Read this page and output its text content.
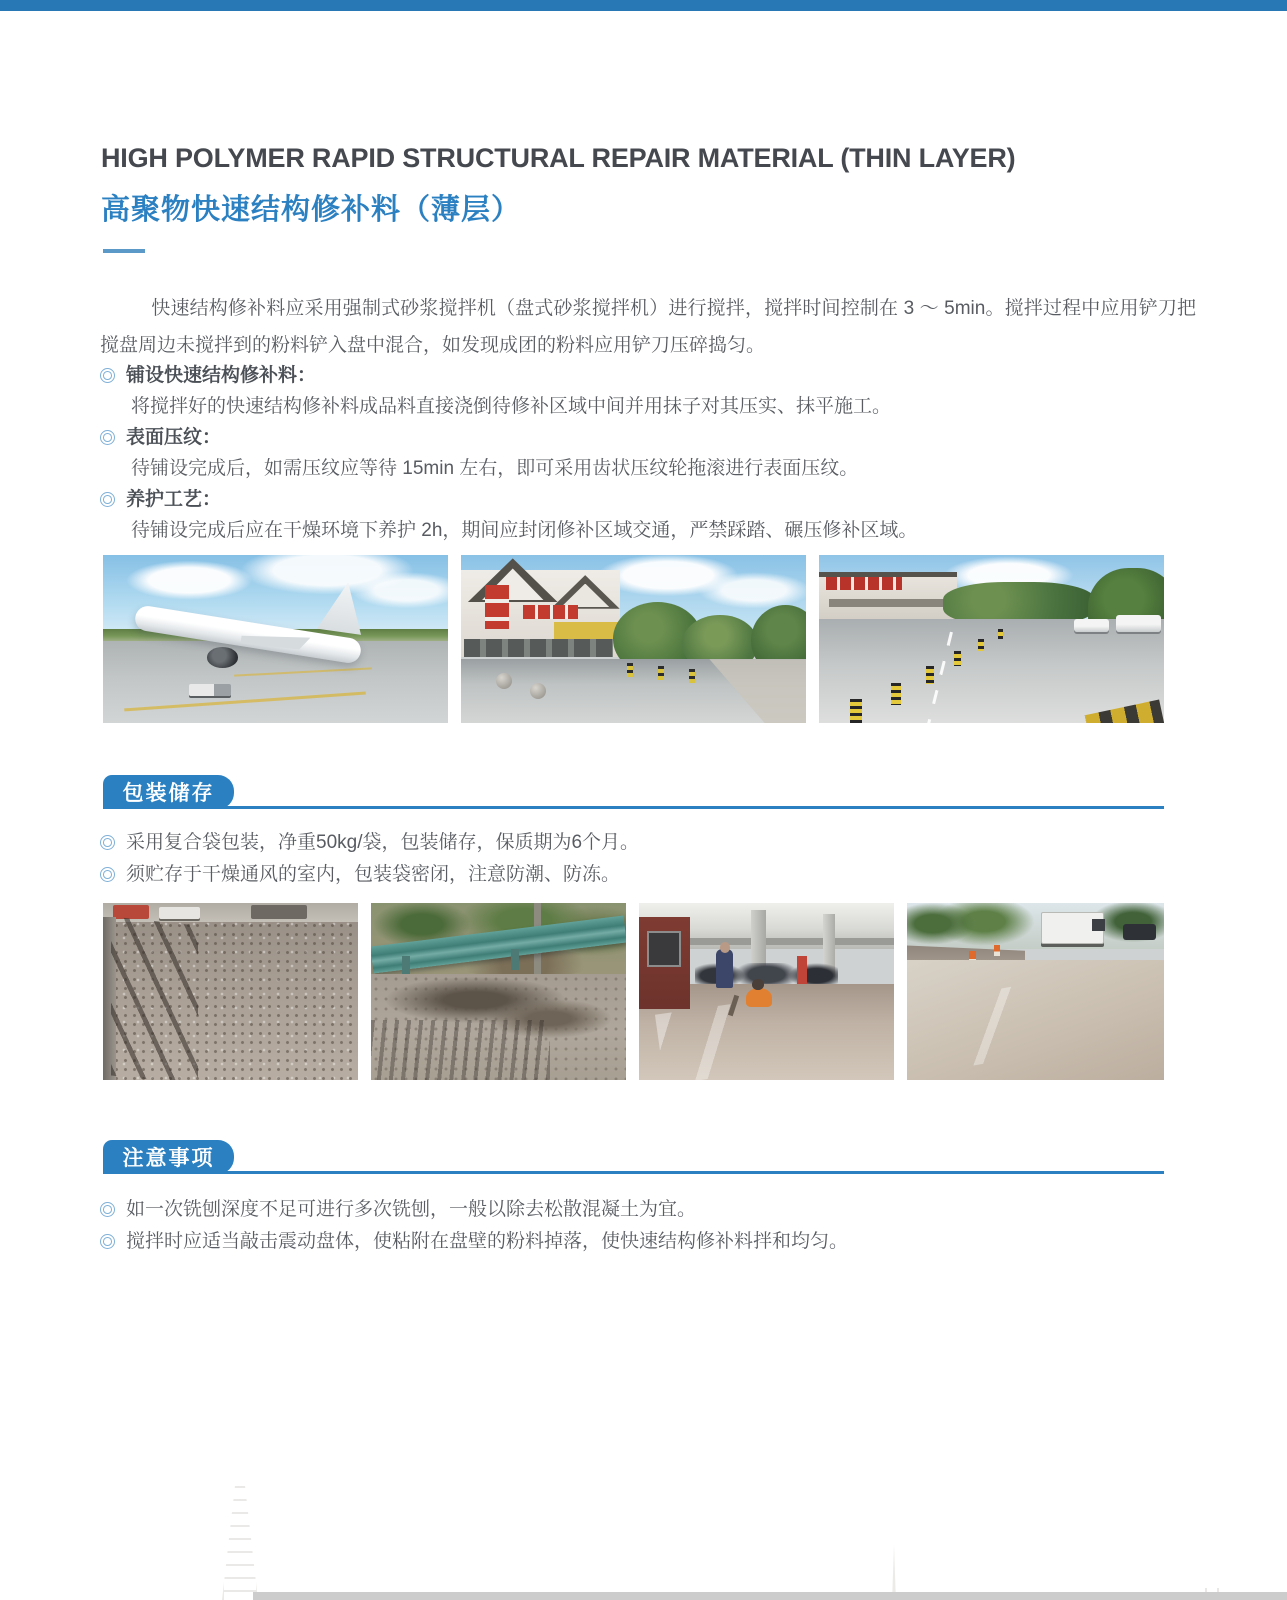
HIGH POLYMER RAPID STRUCTURAL REPAIR MATERIAL (THIN LAYER)
高聚物快速结构修补料（薄层）

快速结构修补料应采用强制式砂浆搅拌机（盘式砂浆搅拌机）进行搅拌，搅拌时间控制在 3 ～ 5min。搅拌过程中应用铲刀把搅盘周边未搅拌到的粉料铲入盘中混合，如发现成团的粉料应用铲刀压碎捣匀。

铺设快速结构修补料：
将搅拌好的快速结构修补料成品料直接浇倒待修补区域中间并用抹子对其压实、抹平施工。
表面压纹：
待铺设完成后，如需压纹应等待 15min 左右，即可采用齿状压纹轮拖滚进行表面压纹。
养护工艺：
待铺设完成后应在干燥环境下养护 2h，期间应封闭修补区域交通，严禁踩踏、碾压修补区域。
包装储存
采用复合袋包装，净重50kg/袋，包装储存，保质期为6个月。
须贮存于干燥通风的室内，包装袋密闭，注意防潮、防冻。
注意事项
如一次铣刨深度不足可进行多次铣刨，一般以除去松散混凝土为宜。
搅拌时应适当敲击震动盘体，使粘附在盘壁的粉料掉落，使快速结构修补料拌和均匀。
